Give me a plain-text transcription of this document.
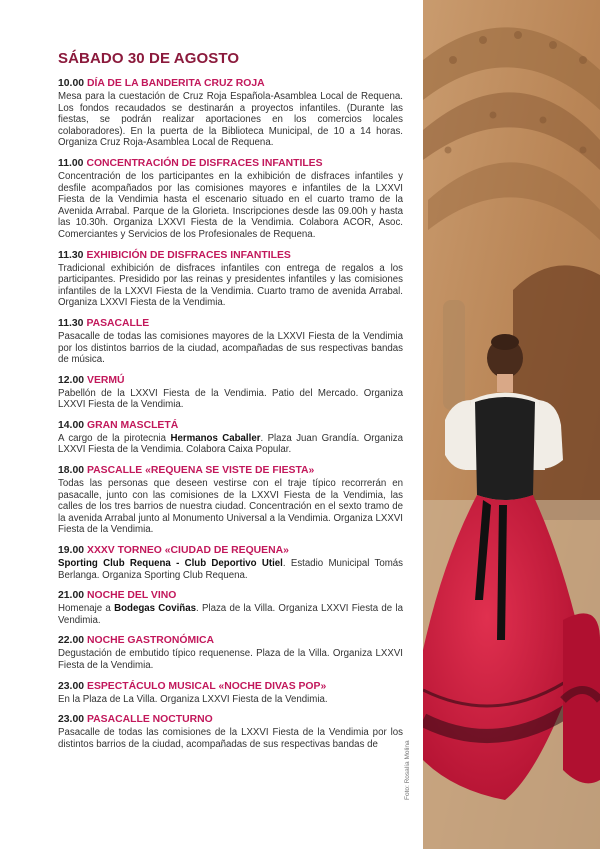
SÁBADO 30 DE AGOSTO
10.00 DÍA DE LA BANDERITA CRUZ ROJA
Mesa para la cuestación de Cruz Roja Española-Asamblea Local de Requena. Los fondos recaudados se destinarán a proyectos infantiles. (Durante las fiestas, se podrán realizar aportaciones en los comercios locales colaboradores). En la puerta de la Biblioteca Municipal, de 10 a 14 horas. Organiza Cruz Roja-Asamblea Local de Requena.
11.00 CONCENTRACIÓN DE DISFRACES INFANTILES
Concentración de los participantes en la exhibición de disfraces infantiles y desfile acompañados por las comisiones mayores e infantiles de la LXXVI Fiesta de la Vendimia hasta el escenario situado en el cuarto tramo de la Avenida Arrabal. Parque de la Glorieta. Inscripciones desde las 09.00h y hasta las 10.30h. Organiza LXXVI Fiesta de la Vendimia. Colabora ACOR, Asoc. Comerciantes y Servicios de los Profesionales de Requena.
11.30 EXHIBICIÓN DE DISFRACES INFANTILES
Tradicional exhibición de disfraces infantiles con entrega de regalos a los participantes. Presidido por las reinas y presidentes infantiles y las comisiones infantiles de la LXXVI Fiesta de la Vendimia. Cuarto tramo de avenida Arrabal. Organiza LXXVI Fiesta de la Vendimia.
11.30 PASACALLE
Pasacalle de todas las comisiones mayores de la LXXVI Fiesta de la Vendimia por los distintos barrios de la ciudad, acompañadas de sus respectivas bandas de música.
12.00 VERMÚ
Pabellón de la LXXVI Fiesta de la Vendimia. Patio del Mercado. Organiza LXXVI Fiesta de la Vendimia.
14.00 GRAN MASCLETÁ
A cargo de la pirotecnia Hermanos Caballer. Plaza Juan Grandía. Organiza LXXVI Fiesta de la Vendimia. Colabora Caixa Popular.
18.00 PASCALLE «REQUENA SE VISTE DE FIESTA»
Todas las personas que deseen vestirse con el traje típico recorrerán en pasacalle, junto con las comisiones de la LXXVI Fiesta de la Vendimia, las calles de los tres barrios de nuestra ciudad. Concentración en el sexto tramo de la avenida Arrabal junto al Monumento Universal a la Vendimia. Organiza LXXVI Fiesta de la Vendimia.
19.00 XXXV TORNEO «CIUDAD DE REQUENA»
Sporting Club Requena - Club Deportivo Utiel. Estadio Municipal Tomás Berlanga. Organiza Sporting Club Requena.
21.00 NOCHE DEL VINO
Homenaje a Bodegas Coviñas. Plaza de la Villa. Organiza LXXVI Fiesta de la Vendimia.
22.00 NOCHE GASTRONÓMICA
Degustación de embutido típico requenense. Plaza de la Villa. Organiza LXXVI Fiesta de la Vendimia.
23.00 ESPECTÁCULO MUSICAL «NOCHE DIVAS POP»
En la Plaza de La Villa. Organiza LXXVI Fiesta de la Vendimia.
23.00 PASACALLE NOCTURNO
Pasacalle de todas las comisiones de la LXXVI Fiesta de la Vendimia por los distintos barrios de la ciudad, acompañadas de sus respectivas bandas de	Foto: Rosalía Molina
